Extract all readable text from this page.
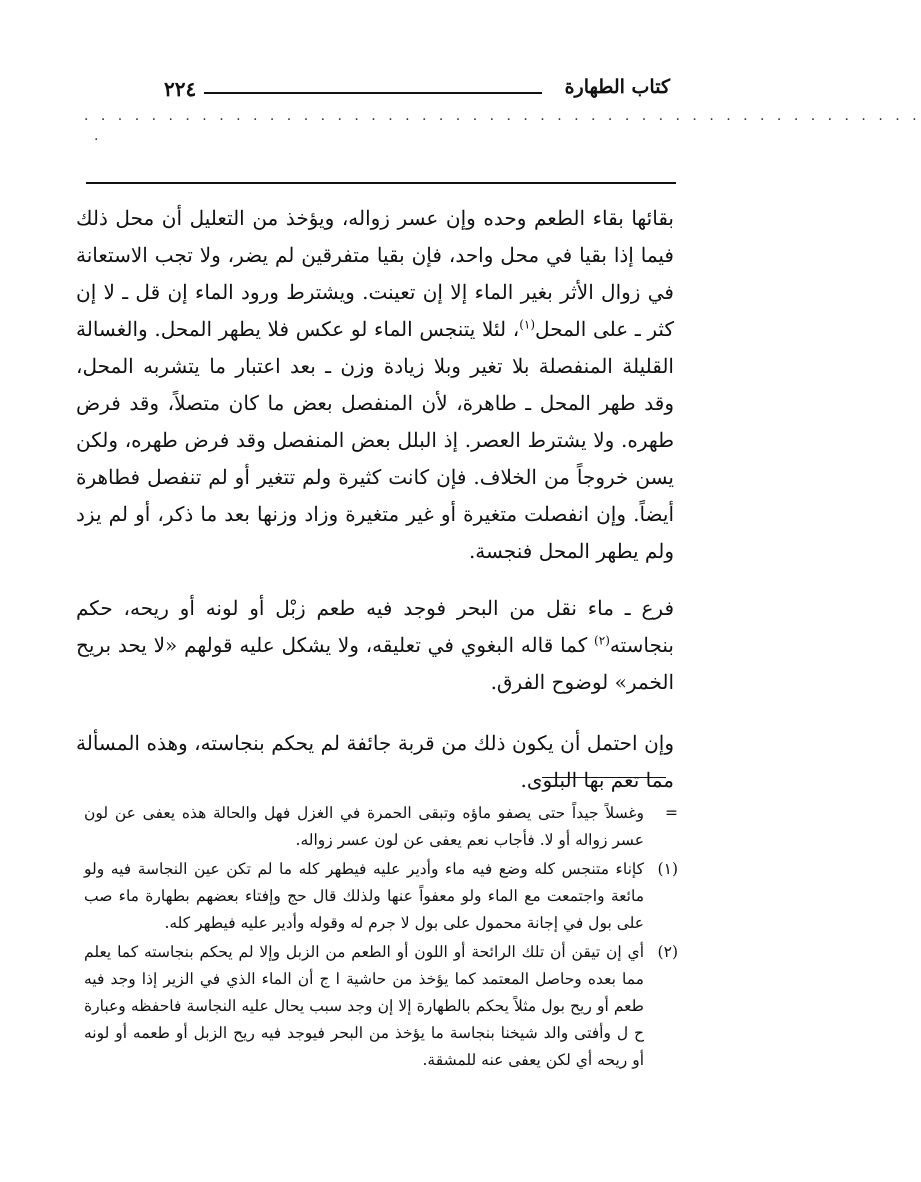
كتاب الطهارة
٢٢٤
. . . . . . . . . . . . . . . . . . . . . . . . . . . . . . . . . . . . . . . . . . . . . . . . . .
.

بقائها بقاء الطعم وحده وإن عسر زواله، ويؤخذ من التعليل أن محل ذلك فيما إذا بقيا في محل واحد، فإن بقيا متفرقين لم يضر، ولا تجب الاستعانة في زوال الأثر بغير الماء إلا إن تعينت. ويشترط ورود الماء إن قل ـ لا إن كثر ـ على المحل$^{(١)}$، لئلا يتنجس الماء لو عكس فلا يطهر المحل. والغسالة القليلة المنفصلة بلا تغير وبلا زيادة وزن ـ بعد اعتبار ما يتشربه المحل، وقد طهر المحل ـ طاهرة، لأن المنفصل بعض ما كان متصلاً، وقد فرض طهره. ولا يشترط العصر. إذ البلل بعض المنفصل وقد فرض طهره، ولكن يسن خروجاً من الخلاف. فإن كانت كثيرة ولم تتغير أو لم تنفصل فطاهرة أيضاً. وإن انفصلت متغيرة أو غير متغيرة وزاد وزنها بعد ما ذكر، أو لم يزد ولم يطهر المحل فنجسة.

فرع ـ ماء نقل من البحر فوجد فيه طعم زبْل أو لونه أو ريحه، حكم بنجاسته$^{(٢)}$ كما قاله البغوي في تعليقه، ولا يشكل عليه قولهم «لا يحد بريح الخمر» لوضوح الفرق.

وإن احتمل أن يكون ذلك من قربة جائفة لم يحكم بنجاسته، وهذه المسألة مما تعم بها البلوى.

=
وغسلاً جيداً حتى يصفو ماؤه وتبقى الحمرة في الغزل فهل والحالة هذه يعفى عن لون عسر زواله أو لا. فأجاب نعم يعفى عن لون عسر زواله.
(١)
كإناء متنجس كله وضع فيه ماء وأدير عليه فيطهر كله ما لم تكن عين النجاسة فيه ولو مائعة واجتمعت مع الماء ولو معفواً عنها ولذلك قال حج وإفتاء بعضهم بطهارة ماء صب على بول في إجانة محمول على بول لا جرم له وقوله وأدير عليه فيطهر كله.
(٢)
أي إن تيقن أن تلك الرائحة أو اللون أو الطعم من الزبل وإلا لم يحكم بنجاسته كما يعلم مما بعده وحاصل المعتمد كما يؤخذ من حاشية ا ج أن الماء الذي في الزير إذا وجد فيه طعم أو ريح بول مثلاً يحكم بالطهارة إلا إن وجد سبب يحال عليه النجاسة فاحفظه وعبارة ح ل وأفتى والد شيخنا بنجاسة ما يؤخذ من البحر فيوجد فيه ريح الزبل أو طعمه أو لونه أو ريحه أي لكن يعفى عنه للمشقة.
